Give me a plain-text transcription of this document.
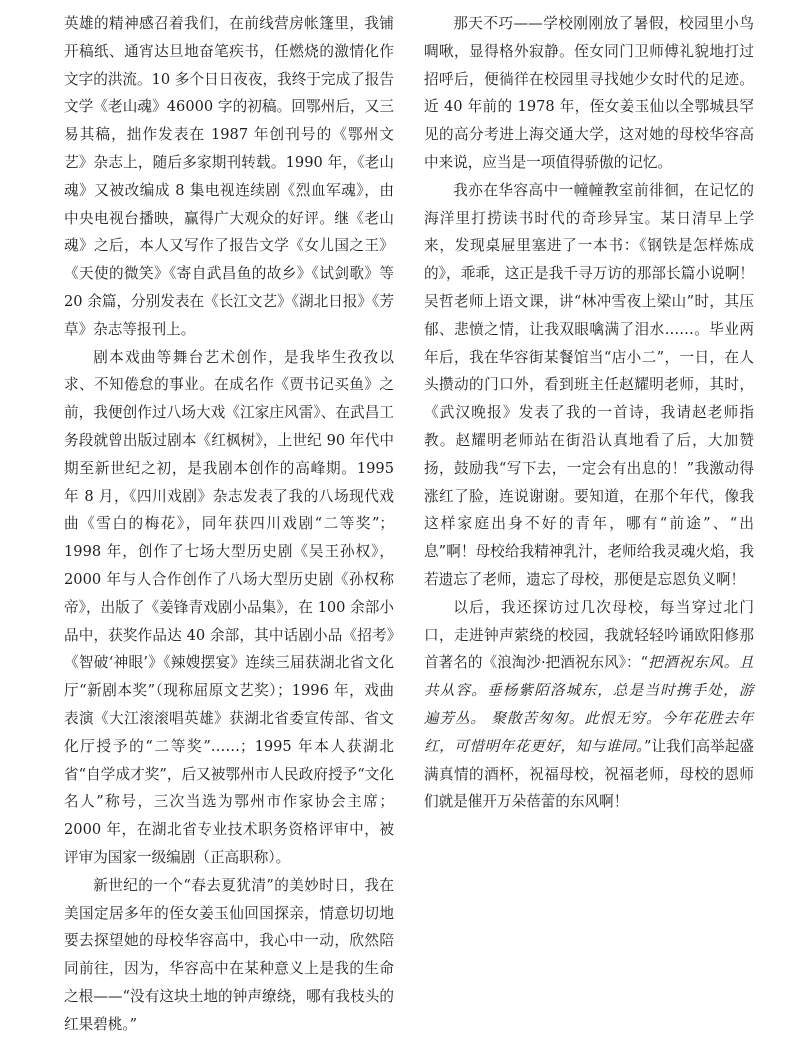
英雄的精神感召着我们，在前线营房帐篷里，我铺开稿纸、通宵达旦地奋笔疾书，任燃烧的激情化作文字的洪流。10 多个日日夜夜，我终于完成了报告文学《老山魂》46000 字的初稿。回鄂州后，又三易其稿，拙作发表在 1987 年创刊号的《鄂州文艺》杂志上，随后多家期刊转载。1990 年，《老山魂》又被改编成 8 集电视连续剧《烈血军魂》，由中央电视台播映，赢得广大观众的好评。继《老山魂》之后，本人又写作了报告文学《女儿国之王》《天使的微笑》《寄自武昌鱼的故乡》《试剑歌》等 20 余篇，分别发表在《长江文艺》《湖北日报》《芳草》杂志等报刊上。

剧本戏曲等舞台艺术创作，是我毕生孜孜以求、不知倦怠的事业。在成名作《贾书记买鱼》之前，我便创作过八场大戏《江家庄风雷》、在武昌工务段就曾出版过剧本《红枫树》，上世纪 90 年代中期至新世纪之初，是我剧本创作的高峰期。1995 年 8 月，《四川戏剧》杂志发表了我的八场现代戏曲《雪白的梅花》，同年获四川戏剧“二等奖”；1998 年，创作了七场大型历史剧《吴王孙权》，2000 年与人合作创作了八场大型历史剧《孙权称帝》，出版了《姜锋青戏剧小品集》，在 100 余部小品中，获奖作品达 40 余部，其中话剧小品《招考》《智破‘神眼’》《辣嫂摆宴》连续三届获湖北省文化厅“新剧本奖”（现称屈原文艺奖）；1996 年，戏曲表演《大江滚滚唱英雄》获湖北省委宣传部、省文化厅授予的“二等奖”……；1995 年本人获湖北省“自学成才奖”，后又被鄂州市人民政府授予“文化名人”称号，三次当选为鄂州市作家协会主席；2000 年，在湖北省专业技术职务资格评审中，被评审为国家一级编剧（正高职称）。

新世纪的一个“春去夏犹清”的美妙时日，我在美国定居多年的侄女姜玉仙回国探亲，情意切切地要去探望她的母校华容高中，我心中一动，欣然陪同前往，因为，华容高中在某种意义上是我的生命之根——“没有这块土地的钟声缭绕，哪有我枝头的红果碧桃。”

那天不巧——学校刚刚放了暑假，校园里小鸟啁啾，显得格外寂静。侄女同门卫师傅礼貌地打过招呼后，便徜徉在校园里寻找她少女时代的足迹。近 40 年前的 1978 年，侄女姜玉仙以全鄂城县罕见的高分考进上海交通大学，这对她的母校华容高中来说，应当是一项值得骄傲的记忆。

我亦在华容高中一幢幢教室前徘徊，在记忆的海洋里打捞读书时代的奇珍异宝。某日清早上学来，发现桌屉里塞进了一本书：《钢铁是怎样炼成的》，乖乖，这正是我千寻万访的那部长篇小说啊！吴哲老师上语文课，讲“林冲雪夜上梁山”时，其压郁、悲愤之情，让我双眼噙满了泪水……。毕业两年后，我在华容街某餐馆当“店小二”，一日，在人头攒动的门口外，看到班主任赵耀明老师，其时，《武汉晚报》发表了我的一首诗，我请赵老师指教。赵耀明老师站在街沿认真地看了后，大加赞扬，鼓励我“写下去，一定会有出息的！”我激动得涨红了脸，连说谢谢。要知道，在那个年代，像我这样家庭出身不好的青年，哪有“前途”、“出息”啊！母校给我精神乳汁，老师给我灵魂火焰，我若遗忘了老师，遗忘了母校，那便是忘恩负义啊！

以后，我还探访过几次母校，每当穿过北门口，走进钟声萦绕的校园，我就轻轻吟诵欧阳修那首著名的《浪淘沙·把酒祝东风》：“把酒祝东风。且共从容。垂杨紫陌洛城东，总是当时携手处，游遍芳丛。 聚散苦匆匆。此恨无穷。今年花胜去年红，可惜明年花更好，知与谁同。”让我们高举起盛满真情的酒杯，祝福母校，祝福老师，母校的恩师们就是催开万朵蓓蕾的东风啊！
